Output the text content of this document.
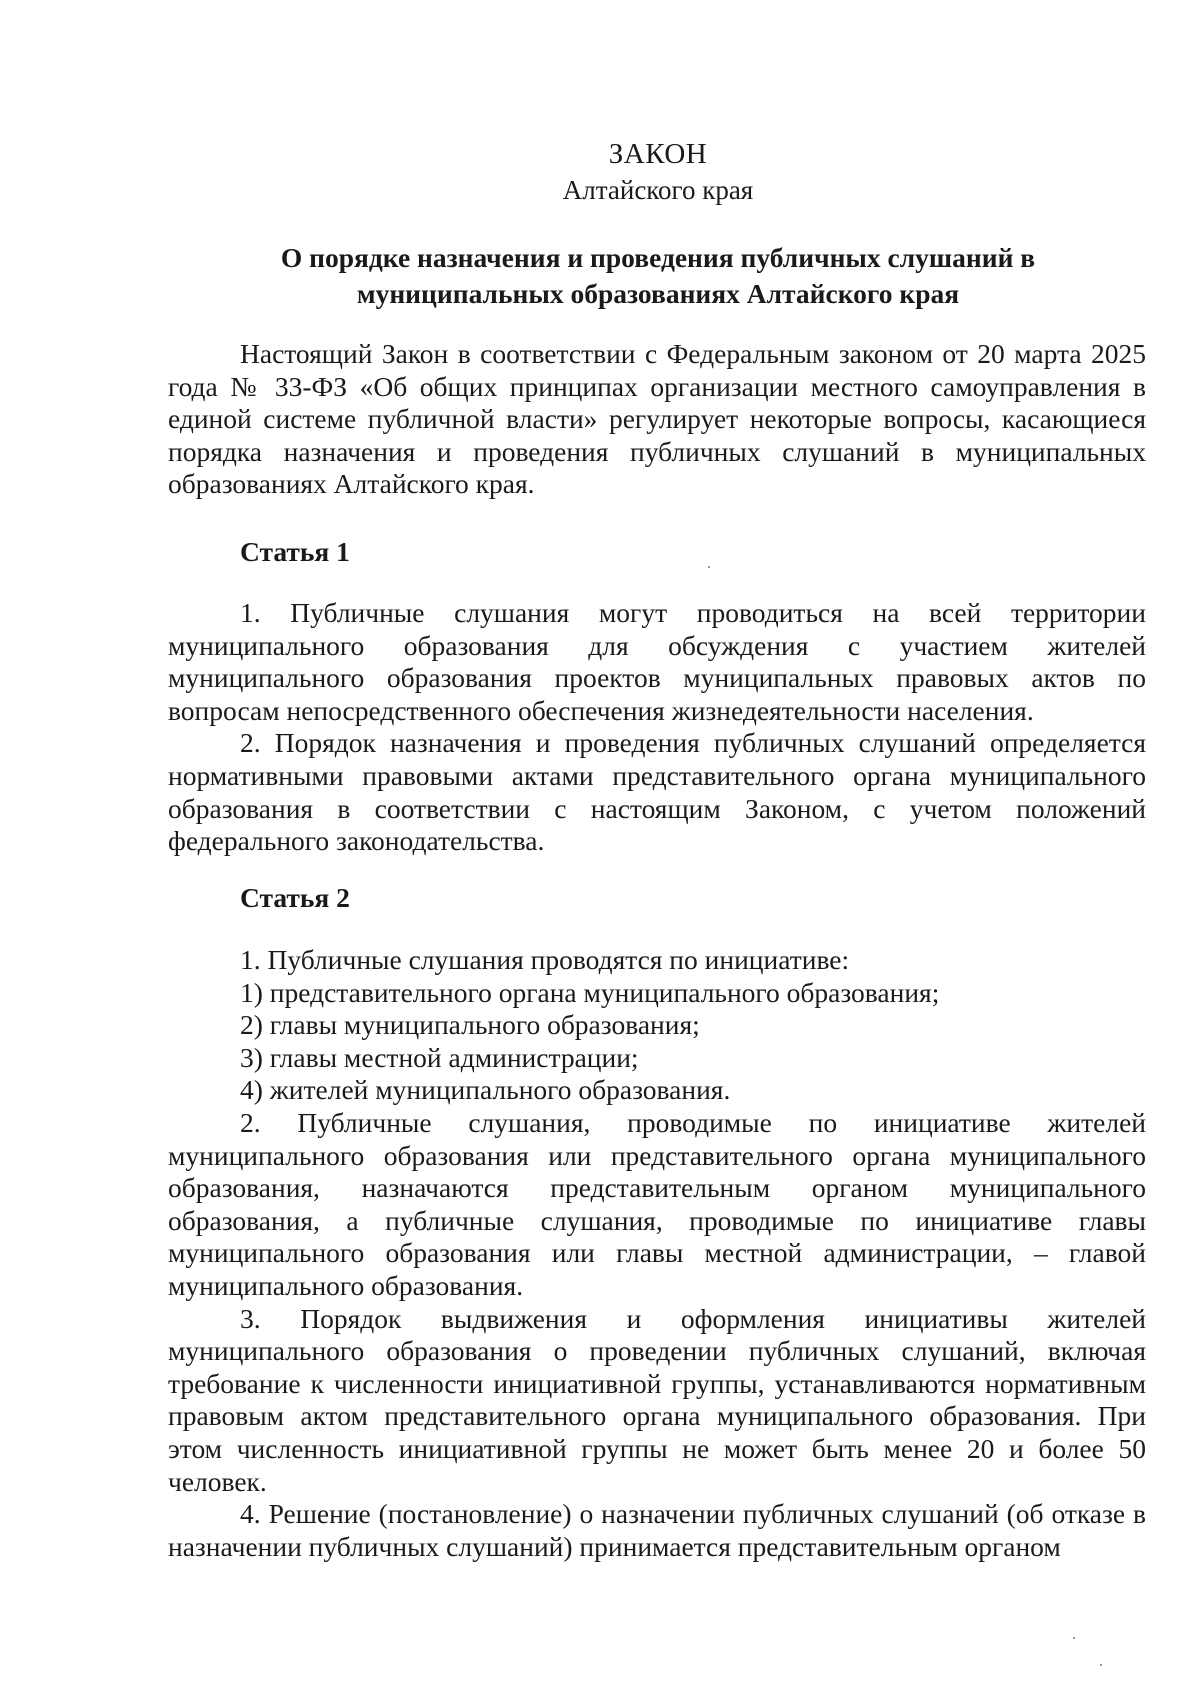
ЗАКОН
Алтайского края
О порядке назначения и проведения публичных слушаний в
муниципальных образованиях Алтайского края

Настоящий Закон в соответствии с Федеральным законом от 20 марта 2025 года № 33-ФЗ «Об общих принципах организации местного самоуправления в единой системе публичной власти» регулирует некоторые вопросы, касающиеся порядка назначения и проведения публичных слушаний в муниципальных образованиях Алтайского края.

Статья 1

1. Публичные слушания могут проводиться на всей территории муниципального образования для обсуждения с участием жителей муниципального образования проектов муниципальных правовых актов по вопросам непосредственного обеспечения жизнедеятельности населения.

2. Порядок назначения и проведения публичных слушаний определяется нормативными правовыми актами представительного органа муниципального образования в соответствии с настоящим Законом, с учетом положений федерального законодательства.

Статья 2

1. Публичные слушания проводятся по инициативе:

1) представительного органа муниципального образования;

2) главы муниципального образования;

3) главы местной администрации;

4) жителей муниципального образования.

2. Публичные слушания, проводимые по инициативе жителей муниципального образования или представительного органа муниципального образования, назначаются представительным органом муниципального образования, а публичные слушания, проводимые по инициативе главы муниципального образования или главы местной администрации, – главой муниципального образования.

3. Порядок выдвижения и оформления инициативы жителей муниципального образования о проведении публичных слушаний, включая требование к численности инициативной группы, устанавливаются нормативным правовым актом представительного органа муниципального образования. При этом численность инициативной группы не может быть менее 20 и более 50 человек.

4. Решение (постановление) о назначении публичных слушаний (об отказе в назначении публичных слушаний) принимается представительным органом
